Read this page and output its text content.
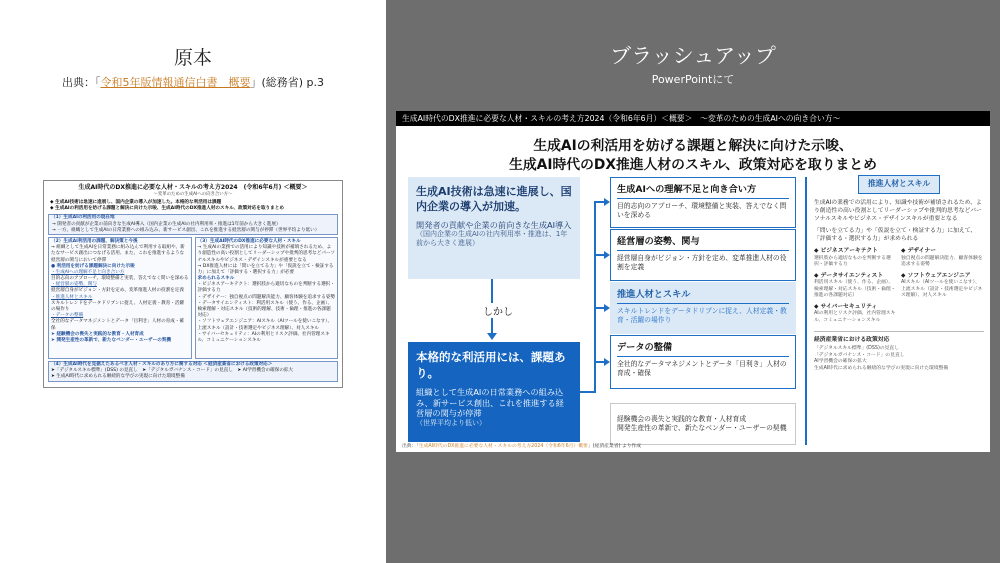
原本
出典：「令和5年版情報通信白書　概要」(総務省) p.3
生成AI時代のDX推進に必要な人材・スキルの考え方2024　(令和6年6月) ＜概要＞
～変革のための生成AIへの向き合い方～
◆ 生成AI技術は急速に進展し、国内企業の導入が加速した。本格的な利活用は課題
◆ 生成AIの利活用を妨げる課題と解決に向けた示唆、生成AI時代のDX推進人材のスキル、政策対応を取りまとめ
（1）生成AIの利活用の現在地
→ 開発者の貢献が企業の前向きな生成AI導入（国内企業の生成AIの社内利用率・推進は1年前から大きく進展）
→ 一方、組織として生成AIの日常業務への組み込み、新サービス創出、これを推進する経営層の関与が停滞（世界平均より低い）
（2）生成AI利活用の課題、解決策と今後
→ 組織として生成AIを日常業務に組み込んで利用する取組や、新たなサービス創出につなげる活用、また、これを推進するような経営層の関与において停滞
● 利活用を妨げる課題解決に向けた示唆
・生成AIへの理解不足と向き合い方
目的志向のアプローチ、環境整備と実装、答えでなく問いを深める
・経営層の姿勢、関与
経営層自身がビジョン・方針を定め、変革推進人材の役割を定義
・推進人材とスキル
スキルトレンドをデータドリブンに捉え、人材定義・教育・活躍の場作り
・データの整備
全社的なデータマネジメントとデータ「目利き」人材の育成・確保
➤ 経験機会の喪失と実践的な教育・人材育成
➤ 開発生産性の革新で、新たなベンダー・ユーザーの契機
（3）生成AI時代のDX推進に必要な人材・スキル
→ 生成AIの業務での活用により知識や技術が補填されるため、より創造性の高い役割としてリーダーシップや批判的思考などパーソナルスキルやビジネス・デザインスキルが重要となる
→ DX推進人材には「問いを立てる力」や「仮説を立て・検証する力」に加えて「評価する・選択する力」が必要
求められるスキル
・ビジネスアーキテクト：選択肢から適切なものを判断する選択・評価する力
・デザイナー：独自視点の問題解決能力、顧客体験を追求する姿勢
・データサイエンティスト：利活用スキル（使う、作る、企画）、検索理解・対応スキル（技術的理解、技術・倫理・推進の各課題対応）
・ソフトウェアエンジニア：AIスキル（AIツールを使いこなす）、上流スキル（設計・技術選定やビジネス理解）、対人スキル
・サイバーセキュリティ：AIの利用とリスク評価、社内管理スキル、コミュニケーションスキル
（4）生成AI時代を見据えたあるべき人材・スキルのあり方に関する対応 ＜経済産業省における政策対応＞
➤「デジタルスキル標準」(DSS) の見直し　➤「デジタルガバナンス・コード」の見直し　➤ AI学習機会の確保の拡大
➤ 生成AI時代に求められる継続的な学びの実現に向けた環境整備
ブラッシュアップ
PowerPointにて
生成AI時代のDX推進に必要な人材・スキルの考え方2024（令和6年6月）＜概要＞　～変革のための生成AIへの向き合い方～
生成AIの利活用を妨げる課題と解決に向けた示唆、
生成AI時代のDX推進人材のスキル、政策対応を取りまとめ
生成AI技術は急速に進展し、国内企業の導入が加速。
開発者の貢献や企業の前向きな生成AI導入
（国内企業の生成AIの社内利用率・推進は、1年前から大きく進展）
しかし
本格的な利活用には、課題あり。
組織として生成AIの日常業務への組み込み、新サービス創出、これを推進する経営層の関与が停滞
（世界平均より低い）
生成AIへの理解不足と向き合い方
目的志向のアプローチ、環境整備と実装、答えでなく問いを深める
経営層の姿勢、関与
経営層自身がビジョン・方針を定め、変革推進人材の役割を定義
推進人材とスキル
スキルトレンドをデータドリブンに捉え、人材定義・教育・活躍の場作り
データの整備
全社的なデータマネジメントとデータ「目利き」人材の育成・確保
経験機会の喪失と実践的な教育・人材育成
開発生産性の革新で、新たなベンダー・ユーザーの契機
推進人材とスキル
生成AIの業務での活用により、知識や技術が補填されるため、より創造性の高い役割としてリーダーシップや批判的思考などパーソナルスキルやビジネス・デザインスキルが重要となる
「問いを立てる力」や「仮説を立て・検証する力」に加えて、「評価する・選択する力」が求められる
◆ ビジネスアーキテクト
選択肢から適切なものを判断する選択・評価する力
◆ デザイナー
独自視点の問題解決能力、顧客体験を追求する姿勢
◆ データサイエンティスト
利活用スキル（使う、作る、企画）、検索理解・対応スキル（技術・倫理・推進の各課題対応）
◆ ソフトウェアエンジニア
AIスキル（AIツールを使いこなす）、上流スキル（設計・技術選定やビジネス理解）、対人スキル
◆ サイバーセキュリティ
AIの利用とリスク評価、社内管理スキル、コミュニケーションスキル
経済産業省における政策対応
「デジタルスキル標準」(DSS)の見直し
「デジタルガバナンス・コード」の見直し
AI学習機会の確保の拡大
生成AI時代に求められる継続的な学びの実現に向けた環境整備
出典：「生成AI時代のDX推進に必要な人材・スキルの考え方2024（令和6年6月）概要」(経済産業省) より作成
